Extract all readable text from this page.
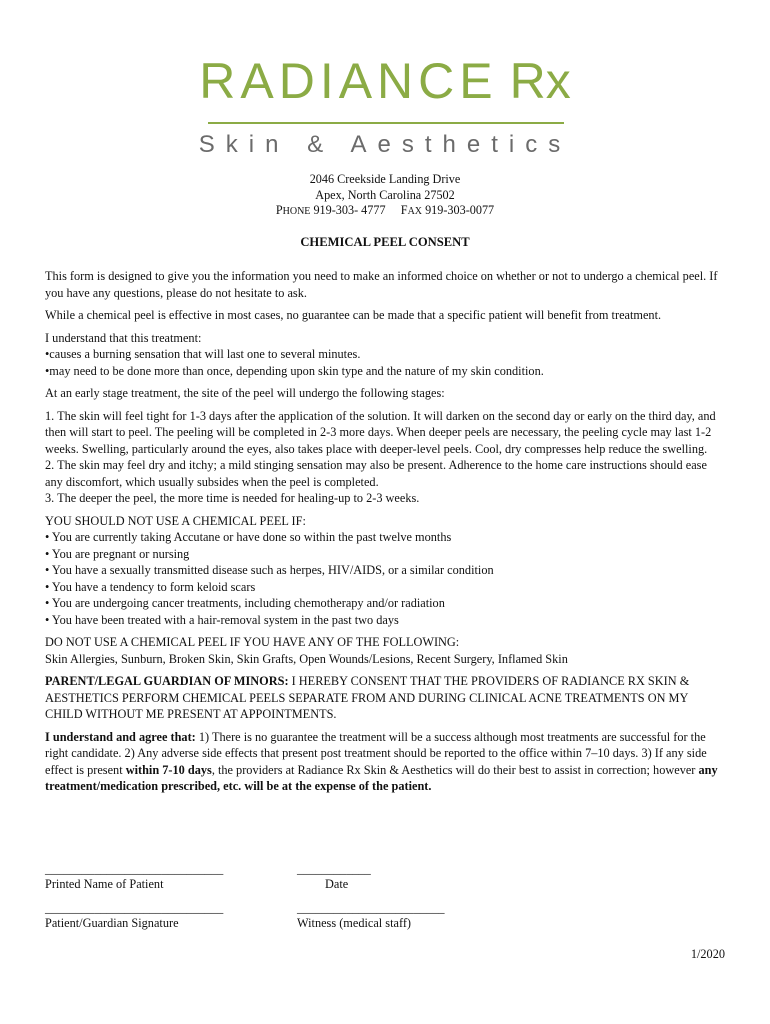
RADIANCE Rx
Skin & Aesthetics
2046 Creekside Landing Drive
Apex, North Carolina 27502
PHONE 919-303- 4777 FAX 919-303-0077
CHEMICAL PEEL CONSENT

This form is designed to give you the information you need to make an informed choice on whether or not to undergo a chemical peel. If you have any questions, please do not hesitate to ask.

While a chemical peel is effective in most cases, no guarantee can be made that a specific patient will benefit from treatment.

I understand that this treatment:
•causes a burning sensation that will last one to several minutes.
•may need to be done more than once, depending upon skin type and the nature of my skin condition.

At an early stage treatment, the site of the peel will undergo the following stages:

1. The skin will feel tight for 1-3 days after the application of the solution. It will darken on the second day or early on the third day, and then will start to peel. The peeling will be completed in 2-3 more days. When deeper peels are necessary, the peeling cycle may last 1-2 weeks. Swelling, particularly around the eyes, also takes place with deeper-level peels. Cool, dry compresses help reduce the swelling.
2. The skin may feel dry and itchy; a mild stinging sensation may also be present. Adherence to the home care instructions should ease any discomfort, which usually subsides when the peel is completed.
3. The deeper the peel, the more time is needed for healing-up to 2-3 weeks.

YOU SHOULD NOT USE A CHEMICAL PEEL IF:
• You are currently taking Accutane or have done so within the past twelve months
• You are pregnant or nursing
• You have a sexually transmitted disease such as herpes, HIV/AIDS, or a similar condition
• You have a tendency to form keloid scars
• You are undergoing cancer treatments, including chemotherapy and/or radiation
• You have been treated with a hair-removal system in the past two days

DO NOT USE A CHEMICAL PEEL IF YOU HAVE ANY OF THE FOLLOWING:
Skin Allergies, Sunburn, Broken Skin, Skin Grafts, Open Wounds/Lesions, Recent Surgery, Inflamed Skin

PARENT/LEGAL GUARDIAN OF MINORS: I HEREBY CONSENT THAT THE PROVIDERS OF RADIANCE RX SKIN & AESTHETICS PERFORM CHEMICAL PEELS SEPARATE FROM AND DURING CLINICAL ACNE TREATMENTS ON MY CHILD WITHOUT ME PRESENT AT APPOINTMENTS.

I understand and agree that: 1) There is no guarantee the treatment will be a success although most treatments are successful for the right candidate. 2) Any adverse side effects that present post treatment should be reported to the office within 7–10 days. 3) If any side effect is present within 7-10 days, the providers at Radiance Rx Skin & Aesthetics will do their best to assist in correction; however any treatment/medication prescribed, etc. will be at the expense of the patient.

_____________________________	____________
Printed Name of Patient	Date
_____________________________	________________________
Patient/Guardian Signature	Witness (medical staff)
1/2020
